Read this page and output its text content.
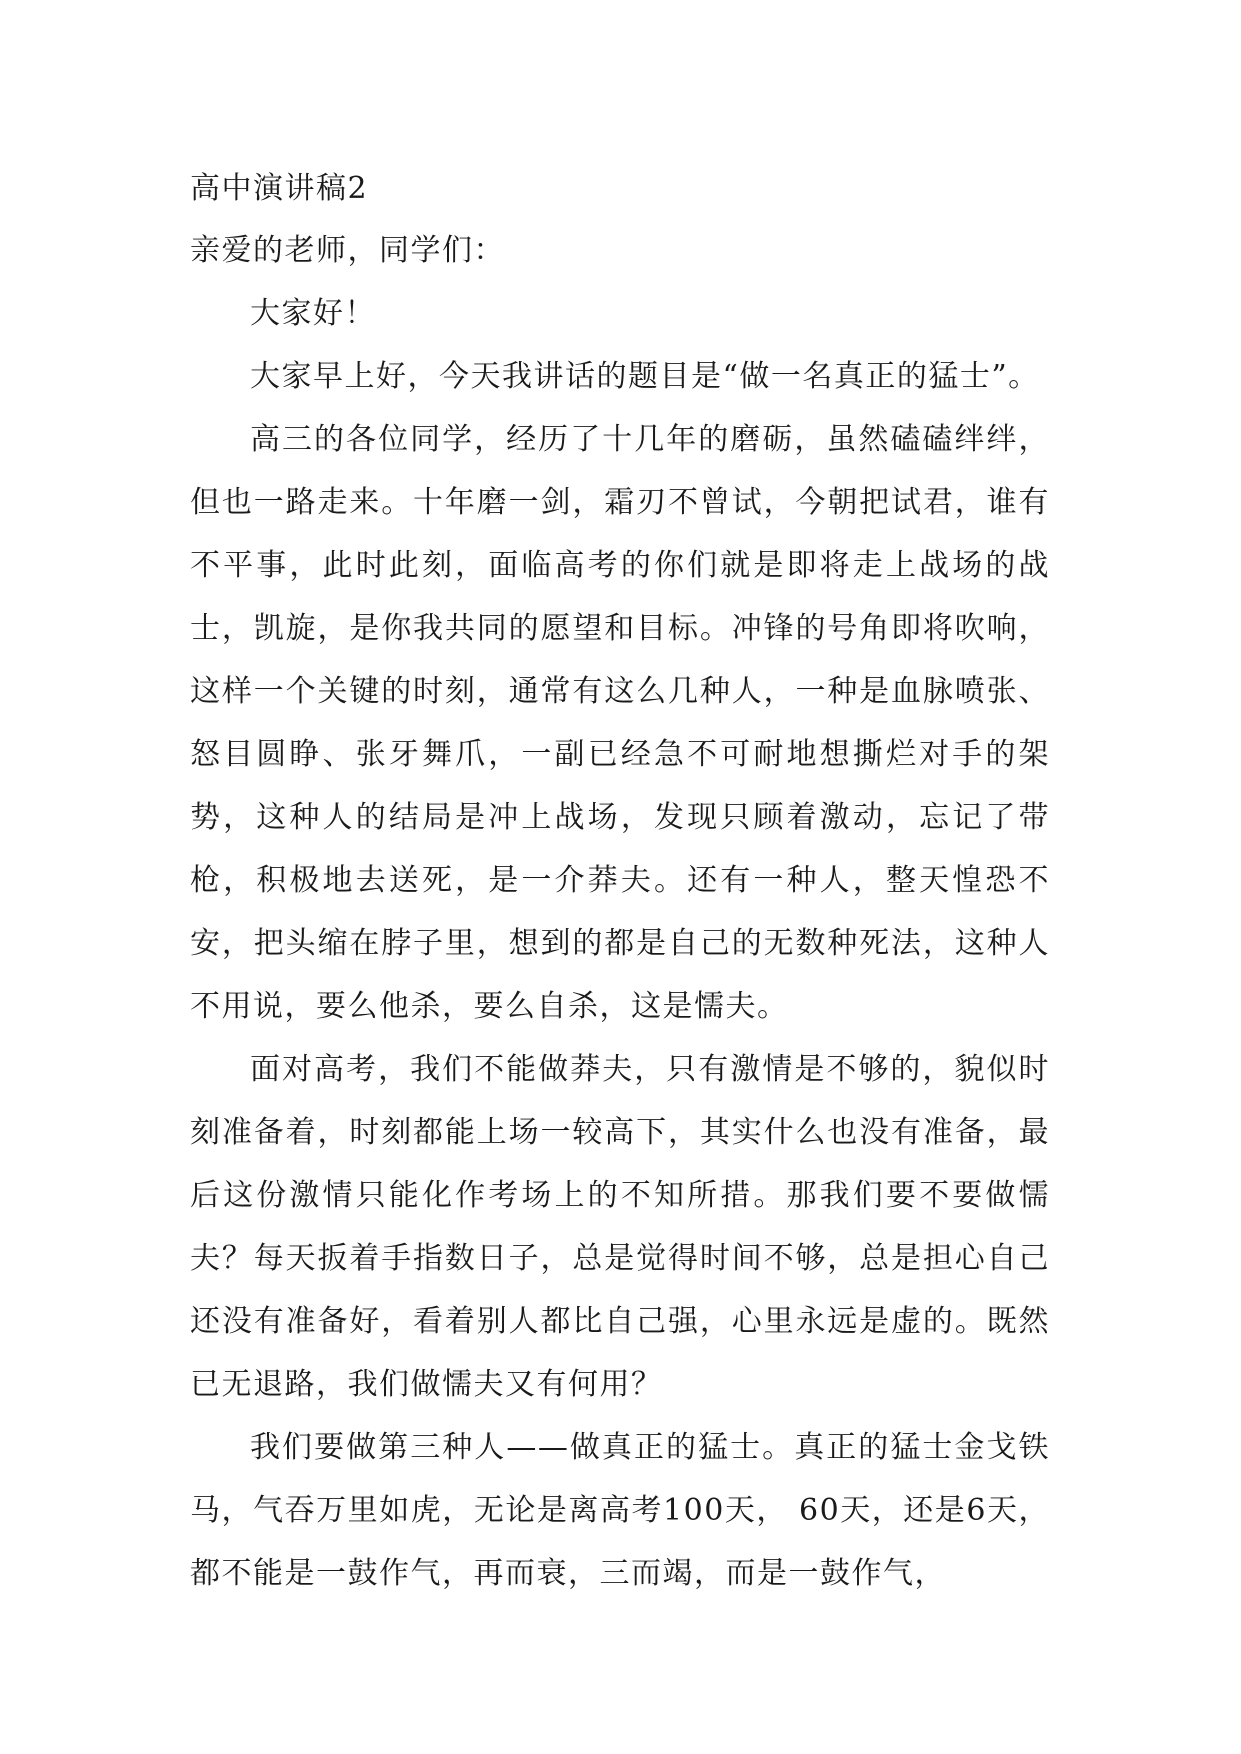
高中演讲稿2

亲爱的老师，同学们：

大家好！

大家早上好，今天我讲话的题目是“做一名真正的猛士”。

高三的各位同学，经历了十几年的磨砺，虽然磕磕绊绊，但也一路走来。十年磨一剑，霜刃不曾试，今朝把试君，谁有不平事，此时此刻，面临高考的你们就是即将走上战场的战士，凯旋，是你我共同的愿望和目标。冲锋的号角即将吹响，这样一个关键的时刻，通常有这么几种人，一种是血脉喷张、怒目圆睁、张牙舞爪，一副已经急不可耐地想撕烂对手的架势，这种人的结局是冲上战场，发现只顾着激动，忘记了带枪，积极地去送死，是一介莽夫。还有一种人，整天惶恐不安，把头缩在脖子里，想到的都是自己的无数种死法，这种人不用说，要么他杀，要么自杀，这是懦夫。

面对高考，我们不能做莽夫，只有激情是不够的，貌似时刻准备着，时刻都能上场一较高下，其实什么也没有准备，最后这份激情只能化作考场上的不知所措。那我们要不要做懦夫？每天扳着手指数日子，总是觉得时间不够，总是担心自己还没有准备好，看着别人都比自己强，心里永远是虚的。既然已无退路，我们做懦夫又有何用？

我们要做第三种人——做真正的猛士。真正的猛士金戈铁马，气吞万里如虎，无论是离高考100天， 60天，还是6天，都不能是一鼓作气，再而衰，三而竭，而是一鼓作气，
